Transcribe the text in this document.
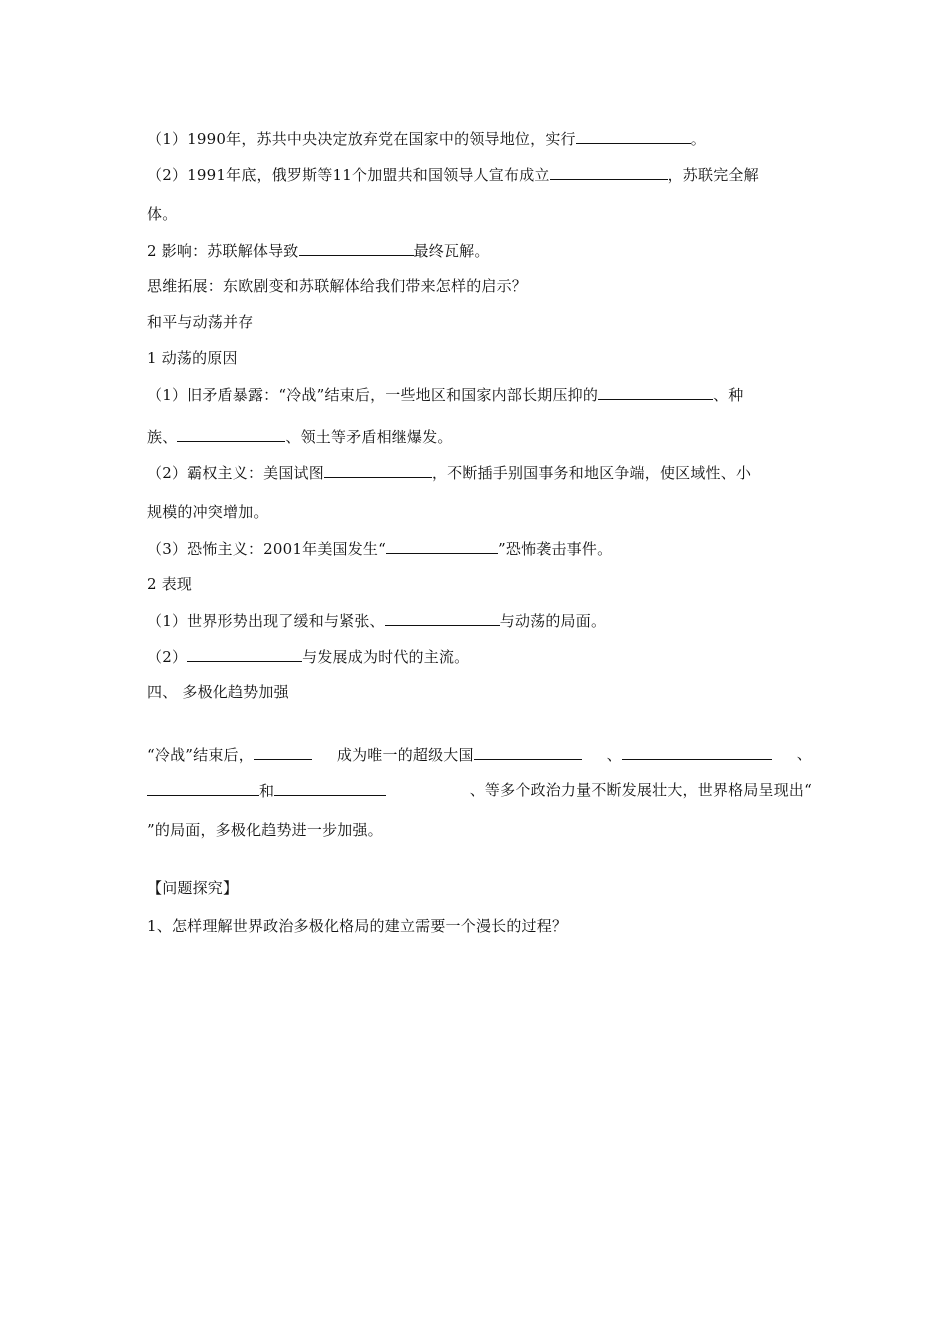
（1）1990年，苏共中央决定放弃党在国家中的领导地位，实行	。
（2）1991年底，俄罗斯等11个加盟共和国领导人宣布成立	，苏联完全解
体。
2 影响：苏联解体导致	最终瓦解。
思维拓展：东欧剧变和苏联解体给我们带来怎样的启示？
和平与动荡并存
1 动荡的原因
（1）旧矛盾暴露：“冷战”结束后，一些地区和国家内部长期压抑的	、种
族、	、领土等矛盾相继爆发。
（2）霸权主义：美国试图	，不断插手别国事务和地区争端，使区域性、小
规模的冲突增加。
（3）恐怖主义：2001年美国发生“	”恐怖袭击事件。
2 表现
（1）世界形势出现了缓和与紧张、	与动荡的局面。
（2）	与发展成为时代的主流。
四、 多极化趋势加强
“冷战”结束后，	成为唯一的超级大国	、	、
和	、等多个政治力量不断发展壮大，世界格局呈现出“
”的局面，多极化趋势进一步加强。
【问题探究】
1、怎样理解世界政治多极化格局的建立需要一个漫长的过程？
